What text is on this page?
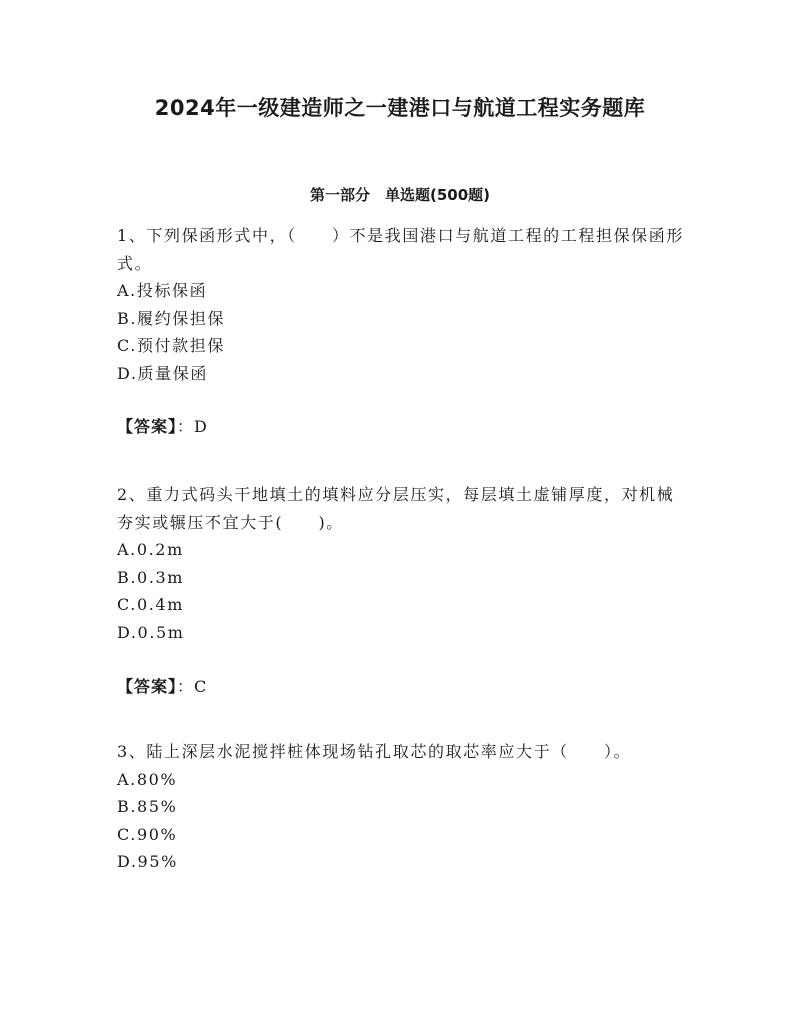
2024年一级建造师之一建港口与航道工程实务题库
第一部分　单选题(500题)
1、下列保函形式中，（　　）不是我国港口与航道工程的工程担保保函形式。
A.投标保函
B.履约保担保
C.预付款担保
D.质量保函
【答案】：D
2、重力式码头干地填土的填料应分层压实，每层填土虚铺厚度，对机械夯实或辗压不宜大于(　　)。
A.0.2m
B.0.3m
C.0.4m
D.0.5m
【答案】：C
3、陆上深层水泥搅拌桩体现场钻孔取芯的取芯率应大于（　　）。
A.80%
B.85%
C.90%
D.95%
